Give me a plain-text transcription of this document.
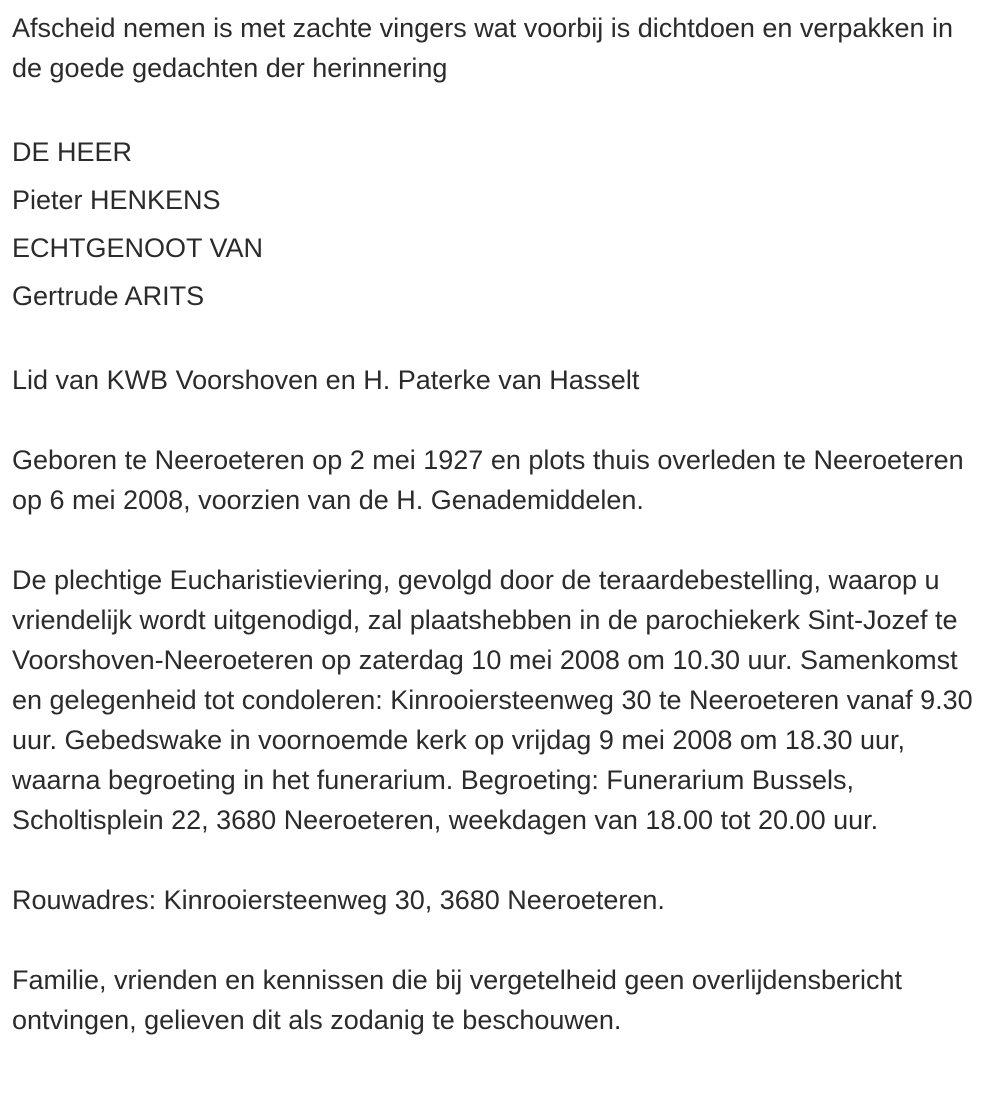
Afscheid nemen is met zachte vingers wat voorbij is dichtdoen en verpakken in de goede gedachten der herinnering

DE HEER

Pieter HENKENS

ECHTGENOOT VAN

Gertrude ARITS

Lid van KWB Voorshoven en H. Paterke van Hasselt

Geboren te Neeroeteren op 2 mei 1927 en plots thuis overleden te Neeroeteren op 6 mei 2008, voorzien van de H. Genademiddelen.

De plechtige Eucharistieviering, gevolgd door de teraardebestelling, waarop u vriendelijk wordt uitgenodigd, zal plaatshebben in de parochiekerk Sint-Jozef te Voorshoven-Neeroeteren op zaterdag 10 mei 2008 om 10.30 uur. Samenkomst en gelegenheid tot condoleren: Kinrooiersteenweg 30 te Neeroeteren vanaf 9.30 uur. Gebedswake in voornoemde kerk op vrijdag 9 mei 2008 om 18.30 uur, waarna begroeting in het funerarium. Begroeting: Funerarium Bussels, Scholtisplein 22, 3680 Neeroeteren, weekdagen van 18.00 tot 20.00 uur.

Rouwadres: Kinrooiersteenweg 30, 3680 Neeroeteren.

Familie, vrienden en kennissen die bij vergetelheid geen overlijdensbericht ontvingen, gelieven dit als zodanig te beschouwen.
